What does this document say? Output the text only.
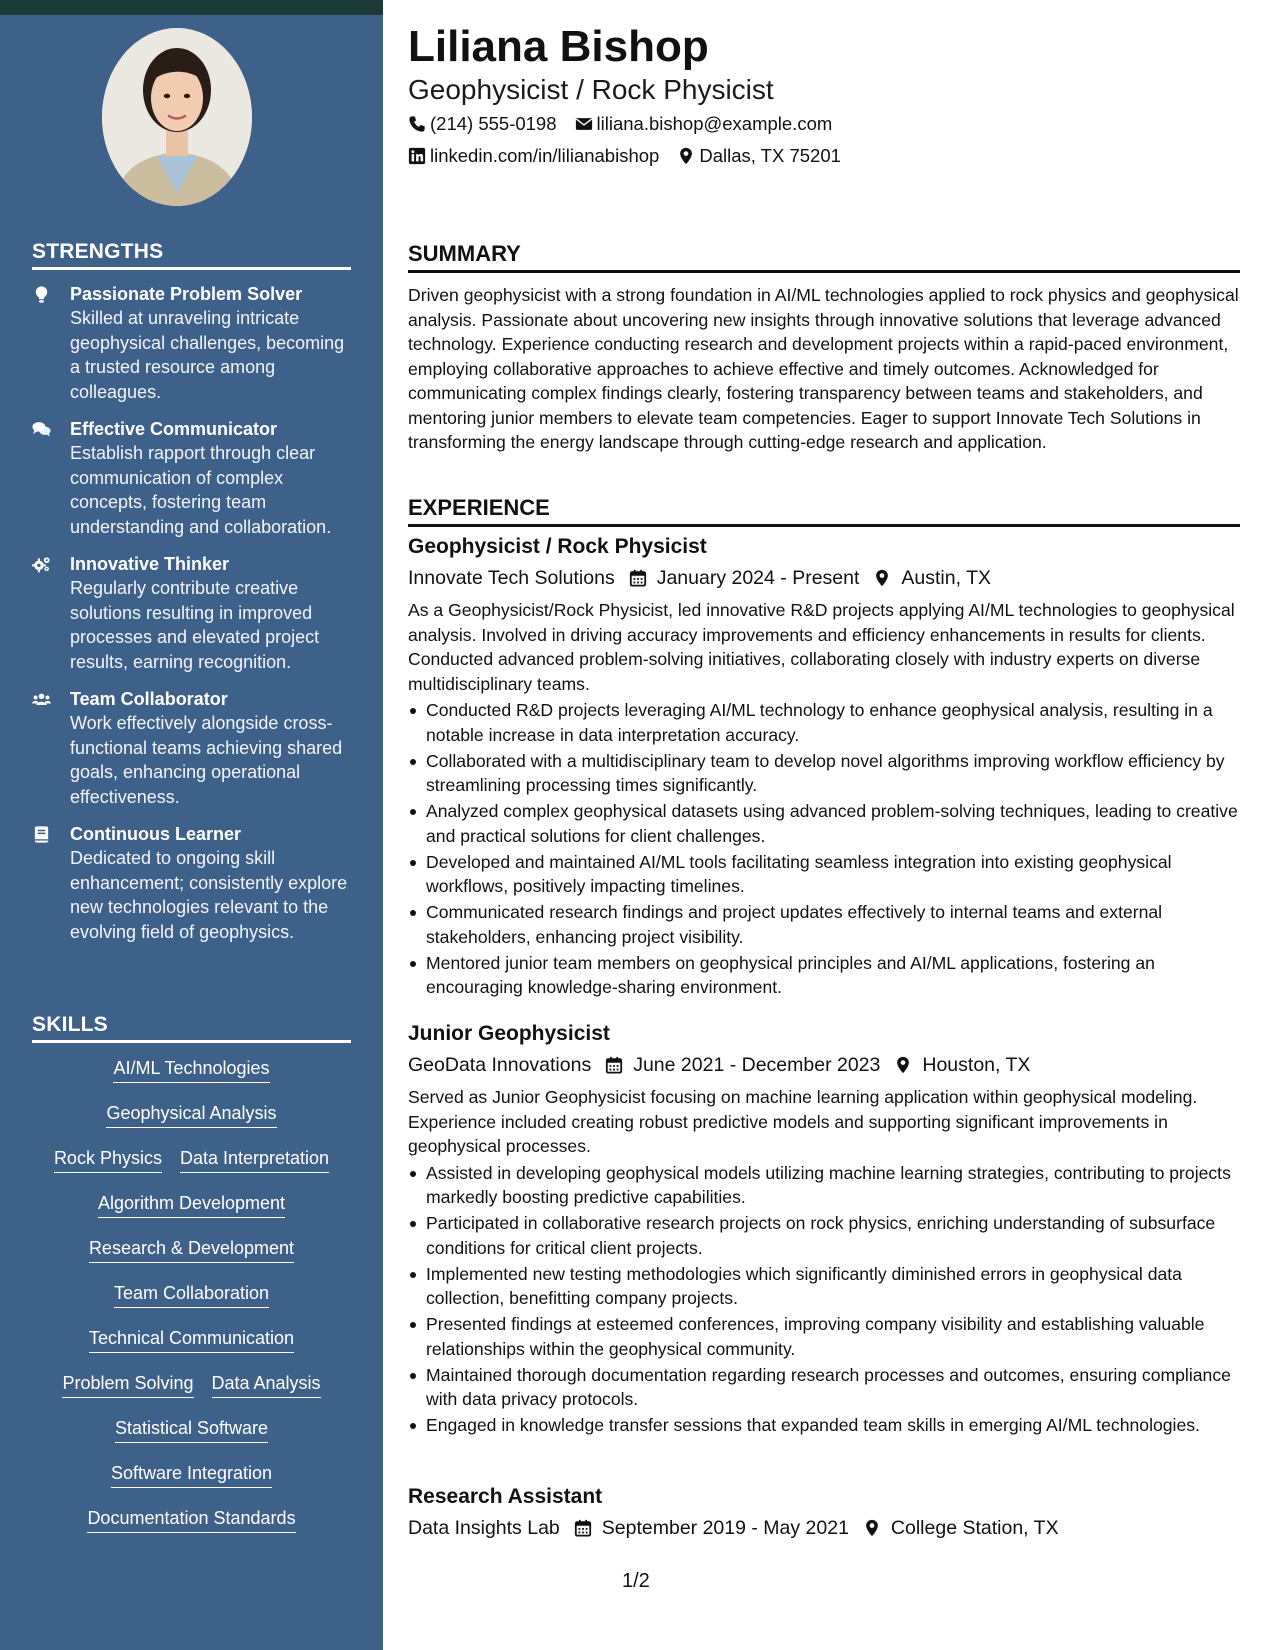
STRENGTHS
Passionate Problem Solver
Skilled at unraveling intricate geophysical challenges, becoming a trusted resource among colleagues.
Effective Communicator
Establish rapport through clear communication of complex concepts, fostering team understanding and collaboration.
Innovative Thinker
Regularly contribute creative solutions resulting in improved processes and elevated project results, earning recognition.
Team Collaborator
Work effectively alongside cross-functional teams achieving shared goals, enhancing operational effectiveness.
Continuous Learner
Dedicated to ongoing skill enhancement; consistently explore new technologies relevant to the evolving field of geophysics.
SKILLS
AI/ML Technologies
Geophysical Analysis
Rock Physics Data Interpretation
Algorithm Development
Research & Development
Team Collaboration
Technical Communication
Problem Solving Data Analysis
Statistical Software
Software Integration
Documentation Standards
Liliana Bishop
Geophysicist / Rock Physicist
(214) 555-0198 liliana.bishop@example.com
linkedin.com/in/lilianabishop Dallas, TX 75201
SUMMARY

Driven geophysicist with a strong foundation in AI/ML technologies applied to rock physics and geophysical analysis. Passionate about uncovering new insights through innovative solutions that leverage advanced technology. Experience conducting research and development projects within a rapid-paced environment, employing collaborative approaches to achieve effective and timely outcomes. Acknowledged for communicating complex findings clearly, fostering transparency between teams and stakeholders, and mentoring junior members to elevate team competencies. Eager to support Innovate Tech Solutions in transforming the energy landscape through cutting-edge research and application.

EXPERIENCE
Geophysicist / Rock Physicist
Innovate Tech Solutions January 2024 - Present Austin, TX

As a Geophysicist/Rock Physicist, led innovative R&D projects applying AI/ML technologies to geophysical analysis. Involved in driving accuracy improvements and efficiency enhancements in results for clients. Conducted advanced problem-solving initiatives, collaborating closely with industry experts on diverse multidisciplinary teams.

Conducted R&D projects leveraging AI/ML technology to enhance geophysical analysis, resulting in a notable increase in data interpretation accuracy.
Collaborated with a multidisciplinary team to develop novel algorithms improving workflow efficiency by streamlining processing times significantly.
Analyzed complex geophysical datasets using advanced problem-solving techniques, leading to creative and practical solutions for client challenges.
Developed and maintained AI/ML tools facilitating seamless integration into existing geophysical workflows, positively impacting timelines.
Communicated research findings and project updates effectively to internal teams and external stakeholders, enhancing project visibility.
Mentored junior team members on geophysical principles and AI/ML applications, fostering an encouraging knowledge-sharing environment.
Junior Geophysicist
GeoData Innovations June 2021 - December 2023 Houston, TX

Served as Junior Geophysicist focusing on machine learning application within geophysical modeling. Experience included creating robust predictive models and supporting significant improvements in geophysical processes.

Assisted in developing geophysical models utilizing machine learning strategies, contributing to projects markedly boosting predictive capabilities.
Participated in collaborative research projects on rock physics, enriching understanding of subsurface conditions for critical client projects.
Implemented new testing methodologies which significantly diminished errors in geophysical data collection, benefitting company projects.
Presented findings at esteemed conferences, improving company visibility and establishing valuable relationships within the geophysical community.
Maintained thorough documentation regarding research processes and outcomes, ensuring compliance with data privacy protocols.
Engaged in knowledge transfer sessions that expanded team skills in emerging AI/ML technologies.
Research Assistant
Data Insights Lab September 2019 - May 2021 College Station, TX
1/2
